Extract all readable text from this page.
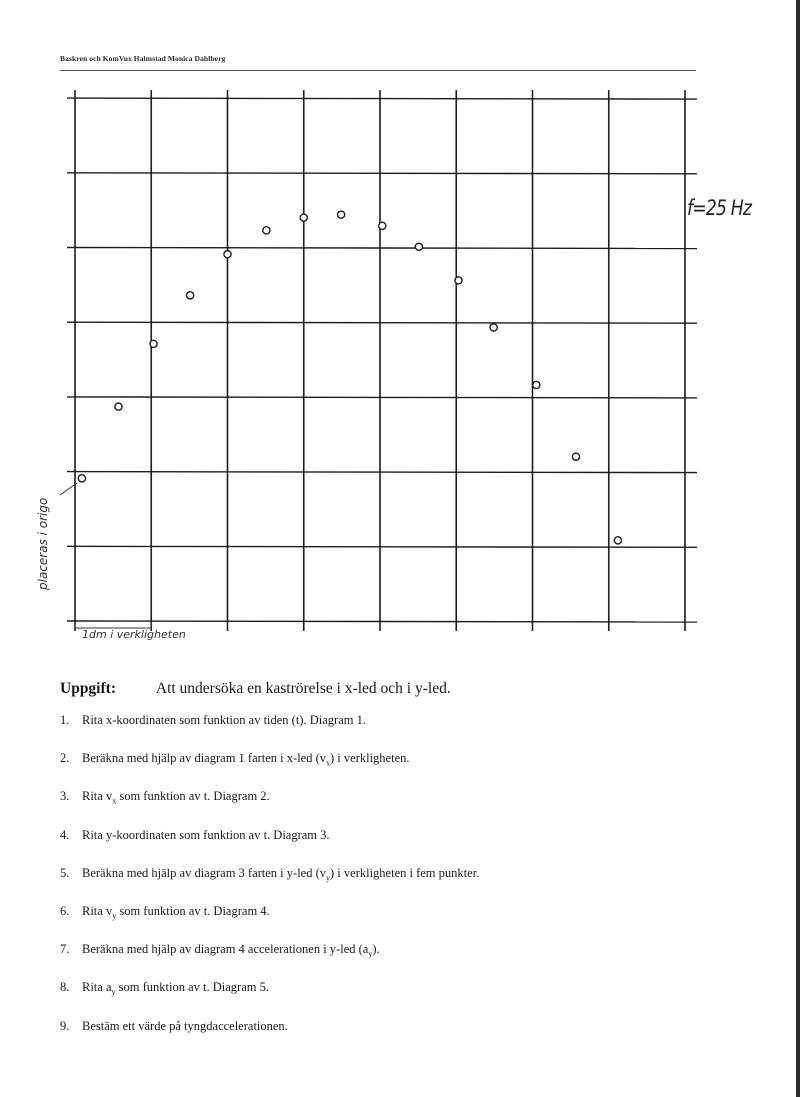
Baskren och KomVux Halmstad Monica Dahlberg
f=25 Hz
1dm i verkligheten
placeras i origo
Uppgift:	Att undersöka en kaströrelse i x-led och i y-led.
1. Rita x-koordinaten som funktion av tiden (t). Diagram 1.
2. Beräkna med hjälp av diagram 1 farten i x-led $(v_x)$ i verkligheten.
3. Rita $v_x$ som funktion av t. Diagram 2.
4. Rita y-koordinaten som funktion av t. Diagram 3.
5. Beräkna med hjälp av diagram 3 farten i y-led $(v_y)$ i verkligheten i fem punkter.
6. Rita $v_y$ som funktion av t. Diagram 4.
7. Beräkna med hjälp av diagram 4 accelerationen i y-led $(a_y)$.
8. Rita $a_y$ som funktion av t. Diagram 5.
9. Bestäm ett värde på tyngdaccelerationen.
